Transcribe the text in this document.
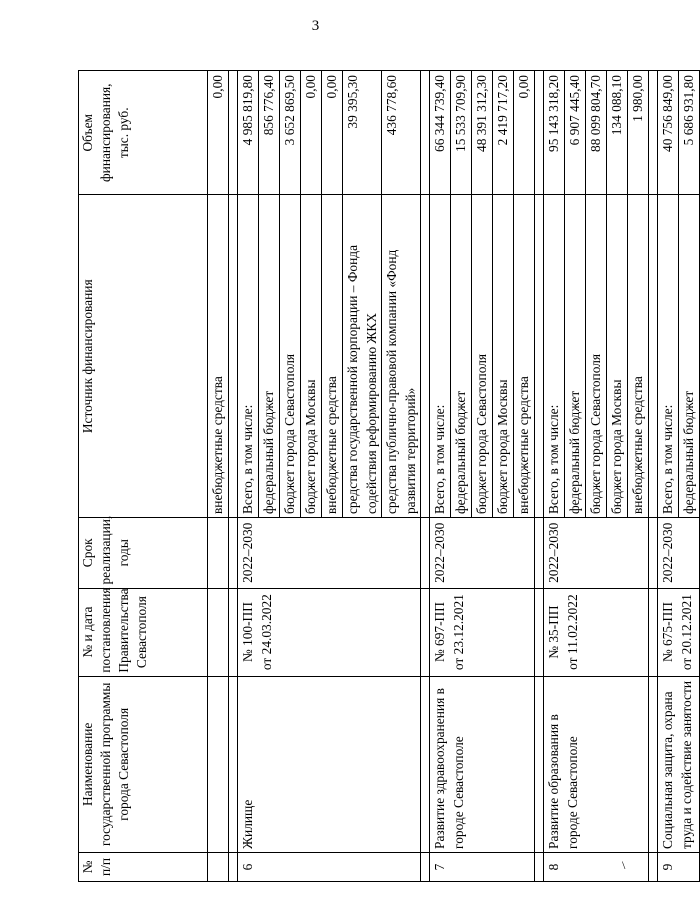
3
\
№ п/п	Наименование государственной программы города Севастополя	№ и дата постановления Правительства Севастополя	Срок реализации, годы	Источник финансирования	Объем финансирования, тыс. руб.
				внебюджетные средства	0,00

6	Жилище	№ 100-ПП от 24.03.2022	2022–2030	Всего, в том числе:	4 985 819,80
				федеральный бюджет	856 776,40
				бюджет города Севастополя	3 652 869,50
				бюджет города Москвы	0,00
				внебюджетные средства	0,00
				средства государственной корпорации – Фонда содействия реформированию ЖКХ	39 395,30
				средства публично-правовой компании «Фонд развития территорий»	436 778,60

7	Развитие здравоохранения в городе Севастополе	№ 697-ПП от 23.12.2021	2022–2030	Всего, в том числе:	66 344 739,40
				федеральный бюджет	15 533 709,90
				бюджет города Севастополя	48 391 312,30
				бюджет города Москвы	2 419 717,20
				внебюджетные средства	0,00

8	Развитие образования в городе Севастополе	№ 35-ПП от 11.02.2022	2022–2030	Всего, в том числе:	95 143 318,20
				федеральный бюджет	6 907 445,40
				бюджет города Севастополя	88 099 804,70
				бюджет города Москвы	134 088,10
				внебюджетные средства	1 980,00

9	Социальная защита, охрана труда и содействие занятости	№ 675-ПП от 20.12.2021	2022–2030	Всего, в том числе:	40 756 849,00
				федеральный бюджет	5 686 931,80
